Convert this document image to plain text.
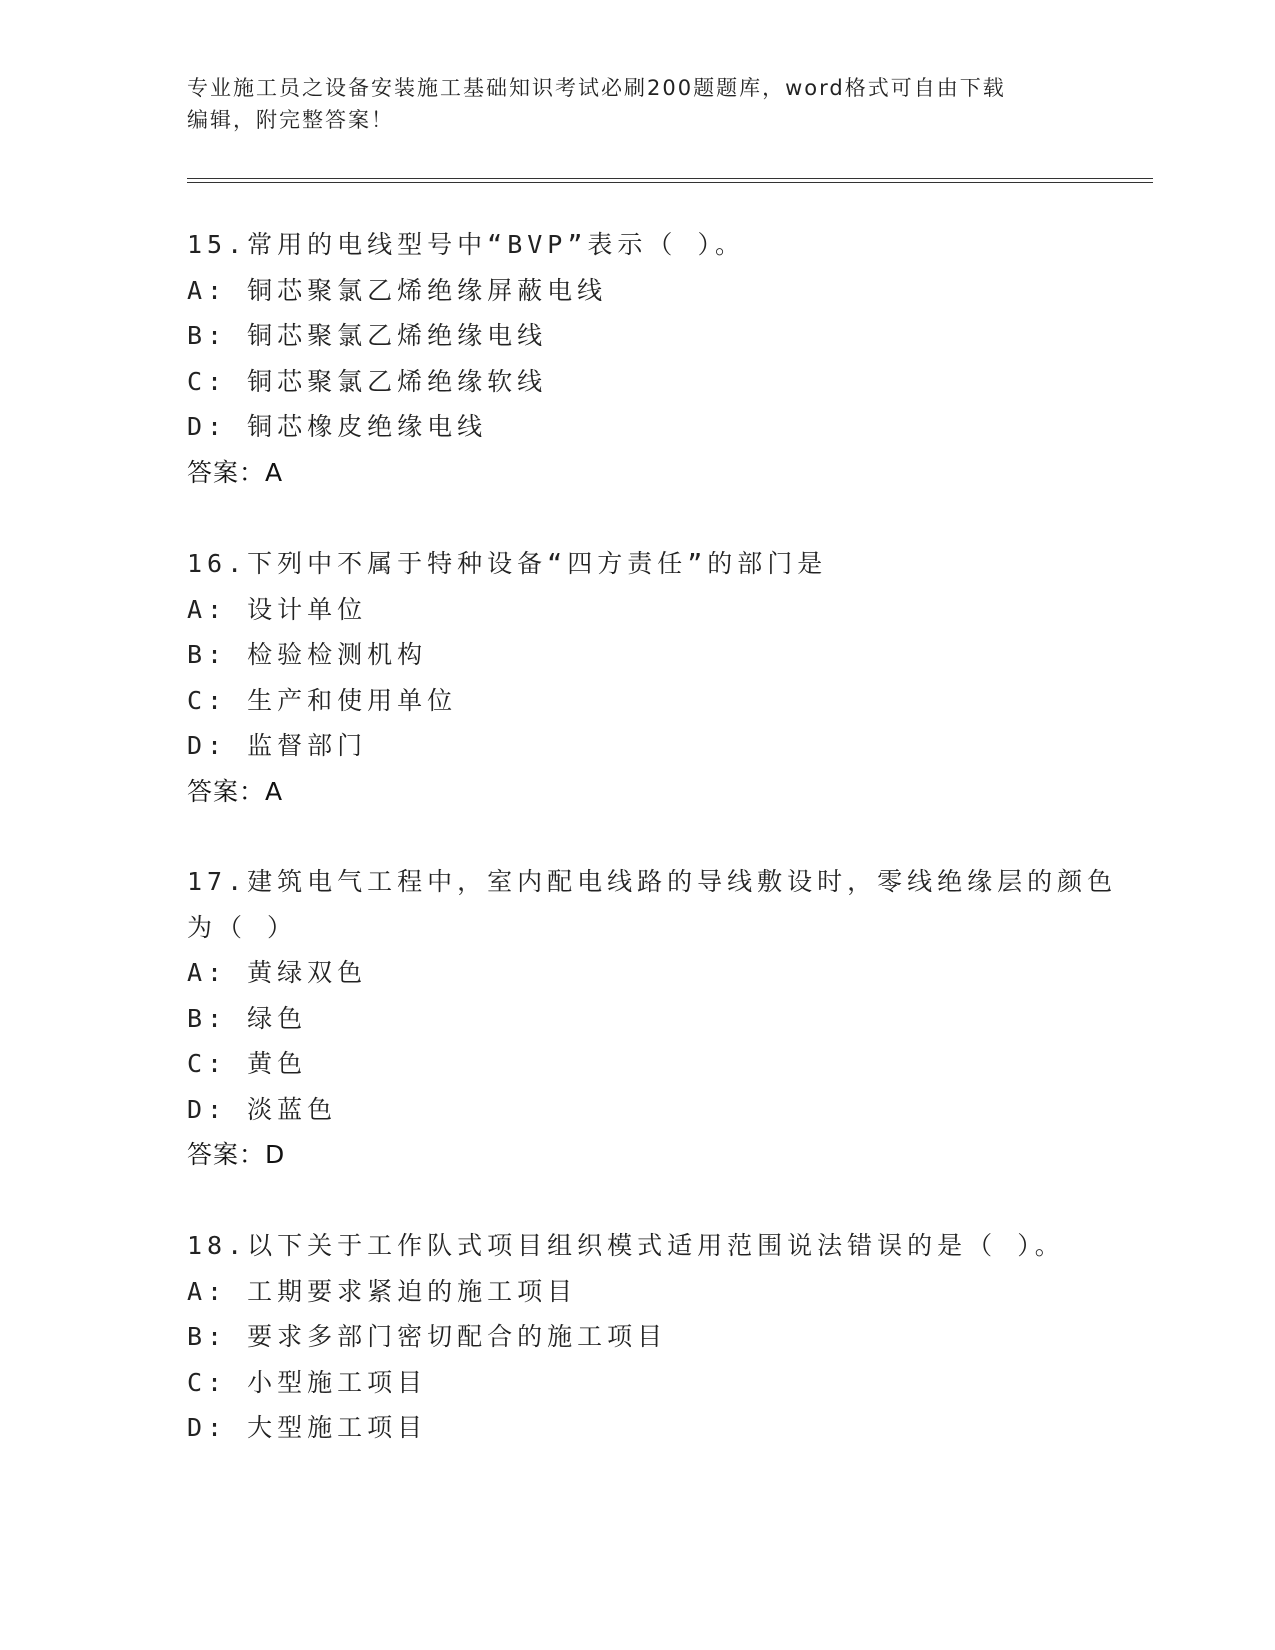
专业施工员之设备安装施工基础知识考试必刷200题题库，word格式可自由下载
编辑，附完整答案！

15.常用的电线型号中“BVP”表示（ ）。

A: 铜芯聚氯乙烯绝缘屏蔽电线

B: 铜芯聚氯乙烯绝缘电线

C: 铜芯聚氯乙烯绝缘软线

D: 铜芯橡皮绝缘电线

答案：A

16.下列中不属于特种设备“四方责任”的部门是

A: 设计单位

B: 检验检测机构

C: 生产和使用单位

D: 监督部门

答案：A

17.建筑电气工程中，室内配电线路的导线敷设时，零线绝缘层的颜色

为（ ）

A: 黄绿双色

B: 绿色

C: 黄色

D: 淡蓝色

答案：D

18.以下关于工作队式项目组织模式适用范围说法错误的是（ ）。

A: 工期要求紧迫的施工项目

B: 要求多部门密切配合的施工项目

C: 小型施工项目

D: 大型施工项目
